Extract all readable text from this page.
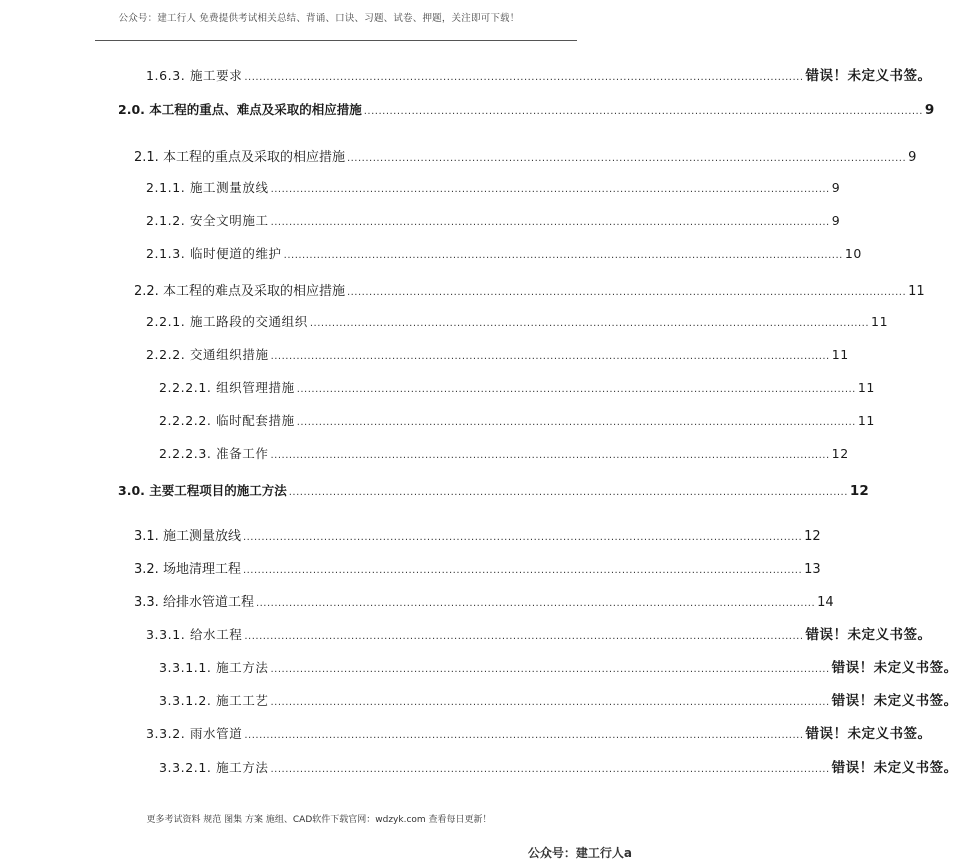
公众号：建工行人 免费提供考试相关总结、背诵、口诀、习题、试卷、押题，关注即可下载！
1.6.3. 施工要求 ........................................................................................................................................................ 错误！未定义书签。
2.0. 本工程的重点、难点及采取的相应措施 ........................................................................................................................................................ 9
2.1. 本工程的重点及采取的相应措施 ........................................................................................................................................................ 9
2.1.1. 施工测量放线 ........................................................................................................................................................ 9
2.1.2. 安全文明施工 ........................................................................................................................................................ 9
2.1.3. 临时便道的维护 ........................................................................................................................................................ 10
2.2. 本工程的难点及采取的相应措施 ........................................................................................................................................................ 11
2.2.1. 施工路段的交通组织 ........................................................................................................................................................ 11
2.2.2. 交通组织措施 ........................................................................................................................................................ 11
2.2.2.1. 组织管理措施 ........................................................................................................................................................ 11
2.2.2.2. 临时配套措施 ........................................................................................................................................................ 11
2.2.2.3. 准备工作 ........................................................................................................................................................ 12
3.0. 主要工程项目的施工方法 ........................................................................................................................................................ 12
3.1. 施工测量放线 ........................................................................................................................................................ 12
3.2. 场地清理工程 ........................................................................................................................................................ 13
3.3. 给排水管道工程 ........................................................................................................................................................ 14
3.3.1. 给水工程 ........................................................................................................................................................ 错误！未定义书签。
3.3.1.1. 施工方法 ........................................................................................................................................................ 错误！未定义书签。
3.3.1.2. 施工工艺 ........................................................................................................................................................ 错误！未定义书签。
3.3.2. 雨水管道 ........................................................................................................................................................ 错误！未定义书签。
3.3.2.1. 施工方法 ........................................................................................................................................................ 错误！未定义书签。
更多考试资料 规范 图集 方案 施组、CAD软件下载官网：wdzyk.com 查看每日更新！
公众号：建工行人a
